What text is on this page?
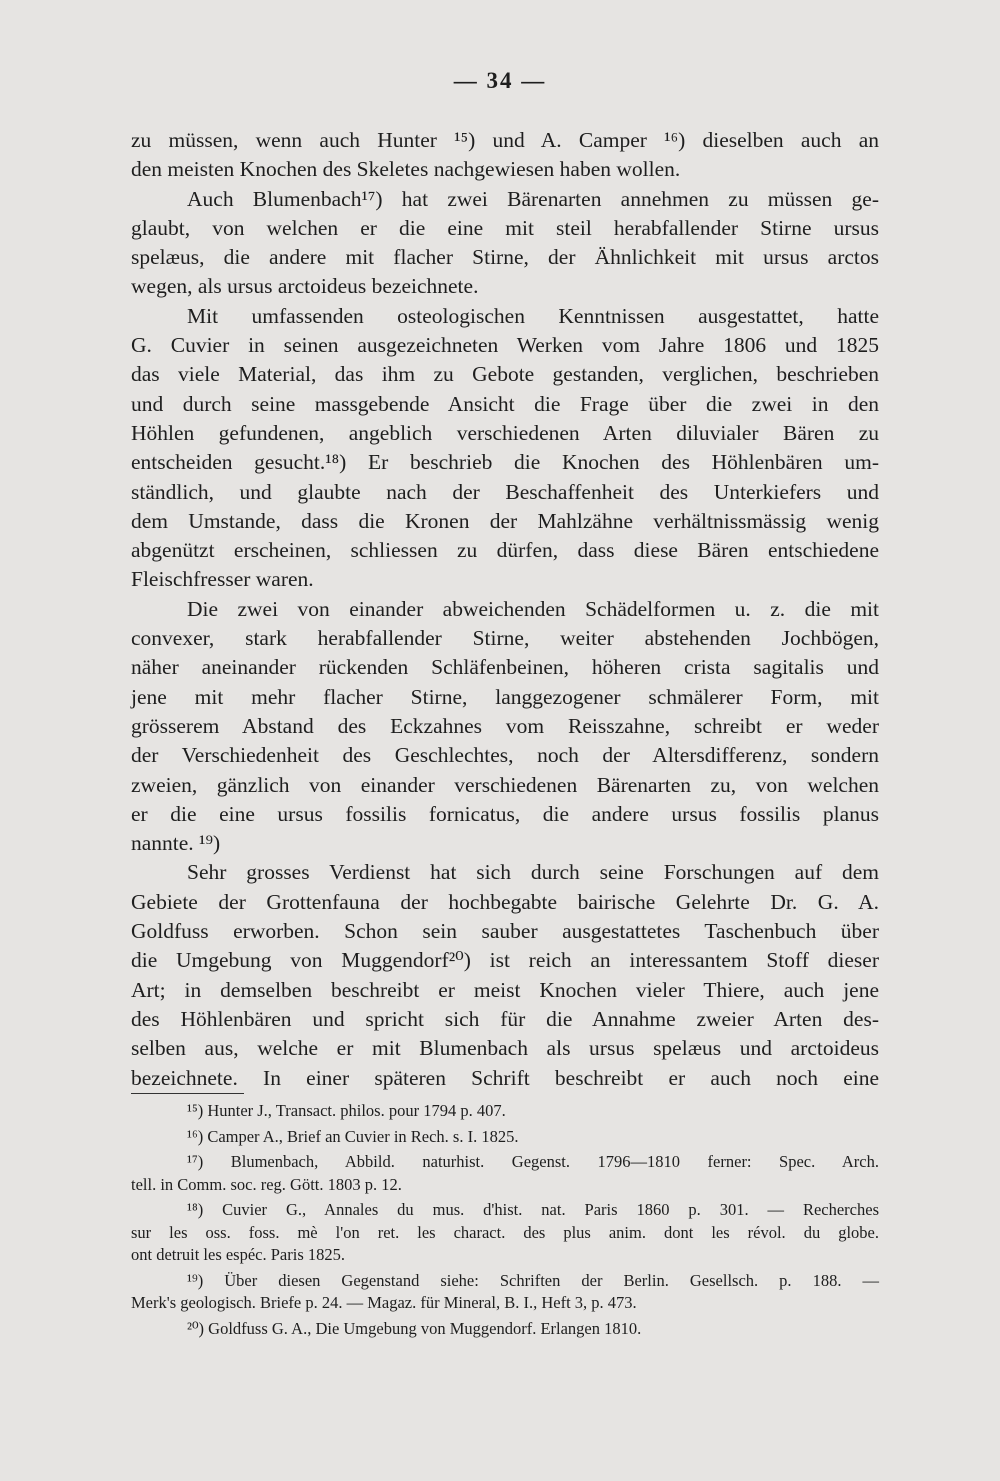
— 34 —

zu müssen, wenn auch Hunter ¹⁵) und A. Camper ¹⁶) dieselben auch an
den meisten Knochen des Skeletes nachgewiesen haben wollen.

Auch Blumenbach¹⁷) hat zwei Bärenarten annehmen zu müssen ge-
glaubt, von welchen er die eine mit steil herabfallender Stirne ursus
spelæus, die andere mit flacher Stirne, der Ähnlichkeit mit ursus arctos
wegen, als ursus arctoideus bezeichnete.

Mit umfassenden osteologischen Kenntnissen ausgestattet, hatte
G. Cuvier in seinen ausgezeichneten Werken vom Jahre 1806 und 1825
das viele Material, das ihm zu Gebote gestanden, verglichen, beschrieben
und durch seine massgebende Ansicht die Frage über die zwei in den
Höhlen gefundenen, angeblich verschiedenen Arten diluvialer Bären zu
entscheiden gesucht.¹⁸) Er beschrieb die Knochen des Höhlenbären um-
ständlich, und glaubte nach der Beschaffenheit des Unterkiefers und
dem Umstande, dass die Kronen der Mahlzähne verhältnissmässig wenig
abgenützt erscheinen, schliessen zu dürfen, dass diese Bären entschiedene
Fleischfresser waren.

Die zwei von einander abweichenden Schädelformen u. z. die mit
convexer, stark herabfallender Stirne, weiter abstehenden Jochbögen,
näher aneinander rückenden Schläfenbeinen, höheren crista sagitalis und
jene mit mehr flacher Stirne, langgezogener schmälerer Form, mit
grösserem Abstand des Eckzahnes vom Reisszahne, schreibt er weder
der Verschiedenheit des Geschlechtes, noch der Altersdifferenz, sondern
zweien, gänzlich von einander verschiedenen Bärenarten zu, von welchen
er die eine ursus fossilis fornicatus, die andere ursus fossilis planus
nannte. ¹⁹)

Sehr grosses Verdienst hat sich durch seine Forschungen auf dem
Gebiete der Grottenfauna der hochbegabte bairische Gelehrte Dr. G. A.
Goldfuss erworben. Schon sein sauber ausgestattetes Taschenbuch über
die Umgebung von Muggendorf²⁰) ist reich an interessantem Stoff dieser
Art; in demselben beschreibt er meist Knochen vieler Thiere, auch jene
des Höhlenbären und spricht sich für die Annahme zweier Arten des-
selben aus, welche er mit Blumenbach als ursus spelæus und arctoideus
bezeichnete. In einer späteren Schrift beschreibt er auch noch eine

¹⁵) Hunter J., Transact. philos. pour 1794 p. 407.
¹⁶) Camper A., Brief an Cuvier in Rech. s. I. 1825.
¹⁷) Blumenbach, Abbild. naturhist. Gegenst. 1796—1810 ferner: Spec. Arch.
tell. in Comm. soc. reg. Gött. 1803 p. 12.
¹⁸) Cuvier G., Annales du mus. d'hist. nat. Paris 1860 p. 301. — Recherches
sur les oss. foss. mè l'on ret. les charact. des plus anim. dont les révol. du globe.
ont detruit les espéc. Paris 1825.
¹⁹) Über diesen Gegenstand siehe: Schriften der Berlin. Gesellsch. p. 188. —
Merk's geologisch. Briefe p. 24. — Magaz. für Mineral, B. I., Heft 3, p. 473.
²⁰) Goldfuss G. A., Die Umgebung von Muggendorf. Erlangen 1810.
